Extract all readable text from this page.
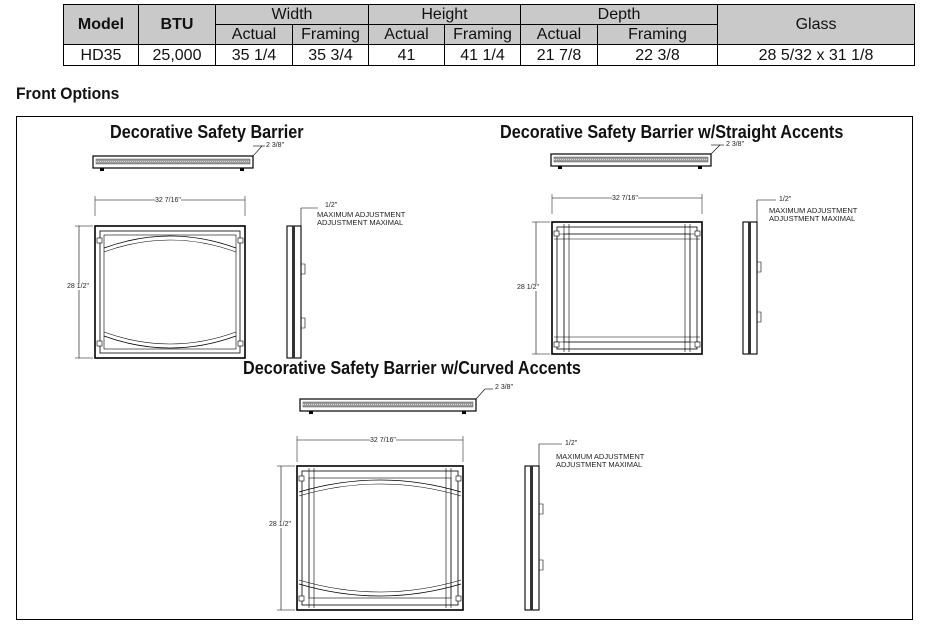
Model	BTU	Width		Height		Depth		Glass
		Actual	Framing	Actual	Framing	Actual	Framing	
HD35	25,000	35 1/4	35 3/4	41	41 1/4	21 7/8	22 3/8	28 5/32 x 31 1/8
Front Options
Decorative Safety Barrier
2 3/8"
32 7/16"
28 1/2"
1/2"
MAXIMUM ADJUSTMENT
ADJUSTMENT MAXIMAL
Decorative Safety Barrier w/Straight Accents
2 3/8"
32 7/16"
28 1/2"
1/2"
MAXIMUM ADJUSTMENT
ADJUSTMENT MAXIMAL
Decorative Safety Barrier w/Curved Accents
2 3/8"
32 7/16"
28 1/2"
1/2"
MAXIMUM ADJUSTMENT
ADJUSTMENT MAXIMAL
